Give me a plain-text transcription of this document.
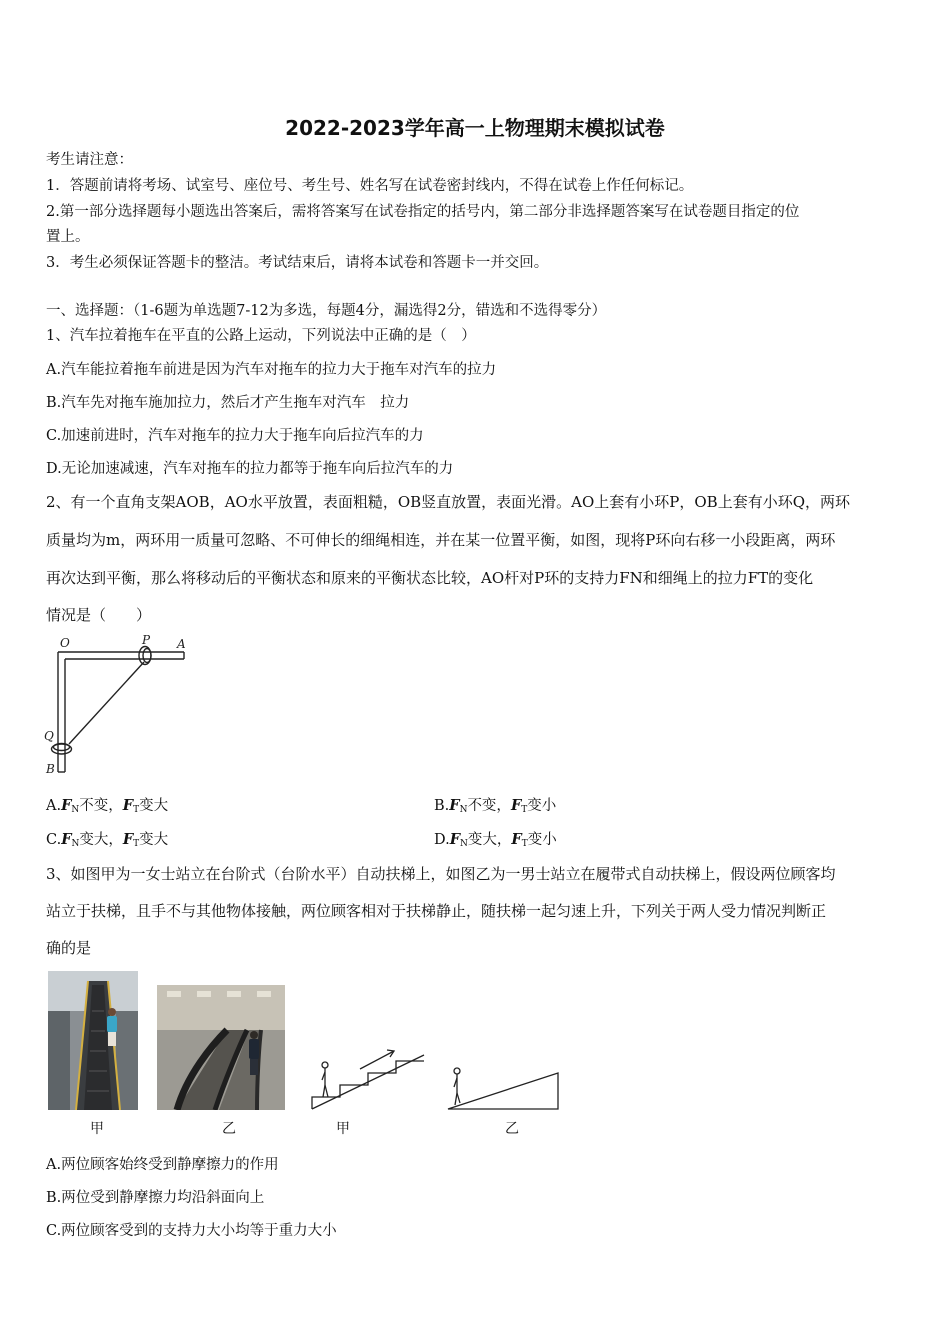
2022-2023学年高一上物理期末模拟试卷
考生请注意：
1．答题前请将考场、试室号、座位号、考生号、姓名写在试卷密封线内，不得在试卷上作任何标记。
2.第一部分选择题每小题选出答案后，需将答案写在试卷指定的括号内，第二部分非选择题答案写在试卷题目指定的位
置上。
3．考生必须保证答题卡的整洁。考试结束后，请将本试卷和答题卡一并交回。
一、选择题：（1-6题为单选题7-12为多选，每题4分，漏选得2分，错选和不选得零分）
1、汽车拉着拖车在平直的公路上运动，下列说法中正确的是（　）
A.汽车能拉着拖车前进是因为汽车对拖车的拉力大于拖车对汽车的拉力
B.汽车先对拖车施加拉力，然后才产生拖车对汽车　拉力
C.加速前进时，汽车对拖车的拉力大于拖车向后拉汽车的力
D.无论加速减速，汽车对拖车的拉力都等于拖车向后拉汽车的力
2、有一个直角支架AOB，AO水平放置，表面粗糙，OB竖直放置，表面光滑。AO上套有小环P，OB上套有小环Q，两环
质量均为m，两环用一质量可忽略、不可伸长的细绳相连，并在某一位置平衡，如图，现将P环向右移一小段距离，两环
再次达到平衡，那么将移动后的平衡状态和原来的平衡状态比较，AO杆对P环的支持力FN和细绳上的拉力FT的变化
情况是（　　）
O	P A
Q
B
$A.F_N$不变，$F_T$变大	$B.F_N$不变，$F_T$变小
$C.F_N$变大，$F_T$变大	$D.F_N$变大，$F_T$变小
3、如图甲为一女士站立在台阶式（台阶水平）自动扶梯上，如图乙为一男士站立在履带式自动扶梯上，假设两位顾客均
站立于扶梯，且手不与其他物体接触，两位顾客相对于扶梯静止，随扶梯一起匀速上升，下列关于两人受力情况判断正
确的是
甲	乙	甲	乙
A.两位顾客始终受到静摩擦力的作用
B.两位受到静摩擦力均沿斜面向上
C.两位顾客受到的支持力大小均等于重力大小
